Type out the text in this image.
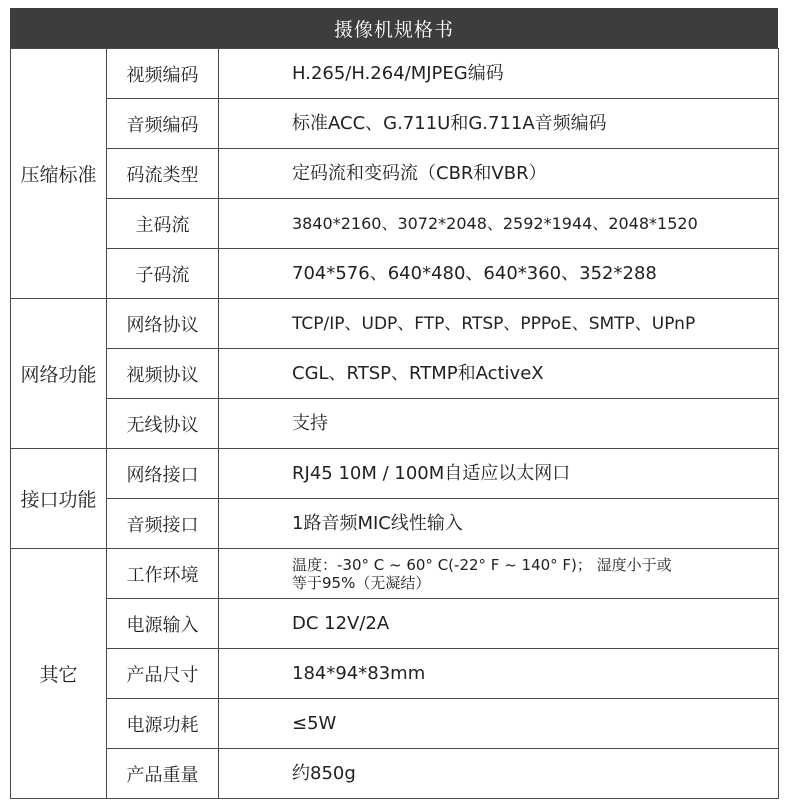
摄像机规格书
压缩标准	视频编码	H.265/H.264/MJPEG编码
	音频编码	标准ACC、G.711U和G.711A音频编码
	码流类型	定码流和变码流（CBR和VBR）
	主码流	3840*2160、3072*2048、2592*1944、2048*1520
	子码流	704*576、640*480、640*360、352*288
网络功能	网络协议	TCP/IP、UDP、FTP、RTSP、PPPoE、SMTP、UPnP
	视频协议	CGL、RTSP、RTMP和ActiveX
	无线协议	支持
接口功能	网络接口	RJ45 10M / 100M自适应以太网口
	音频接口	1路音频MIC线性输入
其它	工作环境	温度：-30° C ~ 60° C(-22° F ~ 140° F)； 湿度小于或
等于95%（无凝结）

	电源输入	DC 12V/2A
	产品尺寸	184*94*83mm
	电源功耗	≤5W
	产品重量	约850g
